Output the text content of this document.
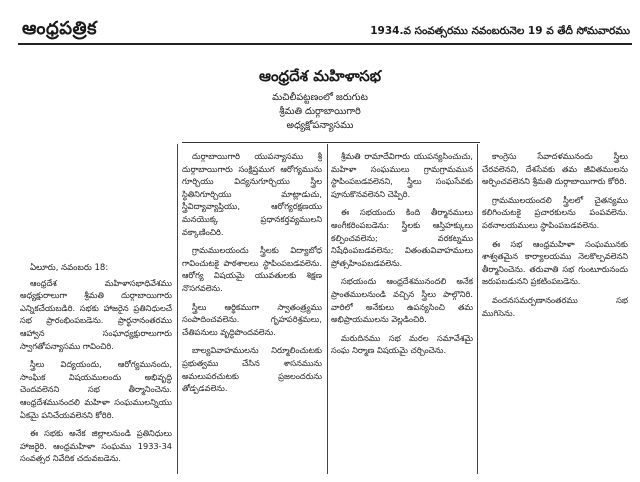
ఆంధ్రపత్రిక	1934.వ సంవత్సరము నవంబరునెల 19 వ తేదీ సోమవారము
ఆంధ్రదేశ మహిళాసభ
మచిలీపట్టణంలో జరుగుట
శ్రీమతి దుర్గాబాయిగారి
అధ్యక్షోపన్యాసము
ఏలూరు, నవంబరు 18:

ఆంధ్రదేశ మహిళాసభాధివేశము అధ్యక్షురాలుగా శ్రీమతి దుర్గాబాయిగారు ఎన్నికచేయబడిరి. సభకు హాజరైన ప్రతినిధులచే సభ ప్రారంభింపబడెను. ప్రార్థనానంతరము ఆహ్వాన సంఘాధ్యక్షురాలుగారు స్వాగతోపన్యాసము గావించిరి.

స్త్రీలు విద్యయందు, ఆరోగ్యమునందు, సాంఘిక విషయములందు అభివృద్ధి చెందవలెనని సభ తీర్మానించెను. ఆంధ్రదేశమునందలి మహిళా సంఘములన్నియు ఏకమై పనిచేయవలెనని కోరిరి.

ఈ సభకు అనేక జిల్లాలనుండి ప్రతినిధులు హాజరైరి. ఆంధ్రమహిళా సంఘము 1933-34 సంవత్సర నివేదిక చదువబడెను.

దుర్గాబాయిగారి యుపన్యాసము శ్రీ దుర్గాబాయిగారు సంక్షిప్తముగ ఆరోగ్యమును గూర్చియు విద్యనుగూర్చియు స్త్రీల స్థితినిగూర్చియు మాట్లాడుచు, స్త్రీవిద్యావ్యాప్తియు, ఆరోగ్యరక్షణయు మనయొక్క ప్రధానకర్తవ్యములని వక్కాణించిరి.

గ్రామములయందు స్త్రీలకు విద్యాబోధ గావించుటకై పాఠశాలలు స్థాపింపబడవలెను. ఆరోగ్య విషయమై యువతులకు శిక్షణ నొసగవలెను.

స్త్రీలు ఆర్థికముగా స్వాతంత్ర్యము సంపాదించవలెను. గృహపరిశ్రమలు, చేతిపనులు వృద్ధిపొందవలెను.

బాల్యవివాహములను నిర్మూలించుటకు ప్రభుత్వము చేసిన శాసనమును అమలుపరచుటకు ప్రజలందరును తోడ్పడవలెను.

శ్రీమతి రామాదేవిగారు యుపన్యసించుచు, మహిళా సంఘములు గ్రామగ్రామమున స్థాపింపబడవలెనని, స్త్రీలు సంఘసేవకు పూనుకొనవలెనని చెప్పిరి.

ఈ సభయందు కింది తీర్మానములు అంగీకరింపబడెను: స్త్రీలకు ఆస్తిహక్కులు కల్పించవలెను; వరకట్నము నిషేధింపబడవలెను; వితంతువివాహములు ప్రోత్సహింపబడవలెను.

సభయందు ఆంధ్రదేశమునందలి అనేక ప్రాంతములనుండి వచ్చిన స్త్రీలు పాల్గొనిరి. వారిలో అనేకులు ఉపన్యసించి తమ అభిప్రాయములను వెల్లడించిరి.

మరుదినము సభ మరల సమావేశమై సంఘ నిర్మాణ విషయమై చర్చించెను.

కాంగ్రెసు సేవాదళమునందు స్త్రీలు చేరవలెనని, దేశసేవకు తమ జీవితములను అర్పించవలెనని శ్రీమతి దుర్గాబాయిగారు కోరిరి.

గ్రామములయందలి స్త్రీలలో చైతన్యము కలిగించుటకై ప్రచారకులను పంపవలెను. పఠనాలయములు స్థాపింపబడవలెను.

ఈ సభ ఆంధ్రమహిళా సంఘమునకు శాశ్వతమైన కార్యాలయము నెలకొల్పవలెనని తీర్మానించెను. తరువాతి సభ గుంటూరునందు జరుపబడునని ప్రకటింపబడెను.

వందనసమర్పణానంతరము సభ ముగిసెను.
